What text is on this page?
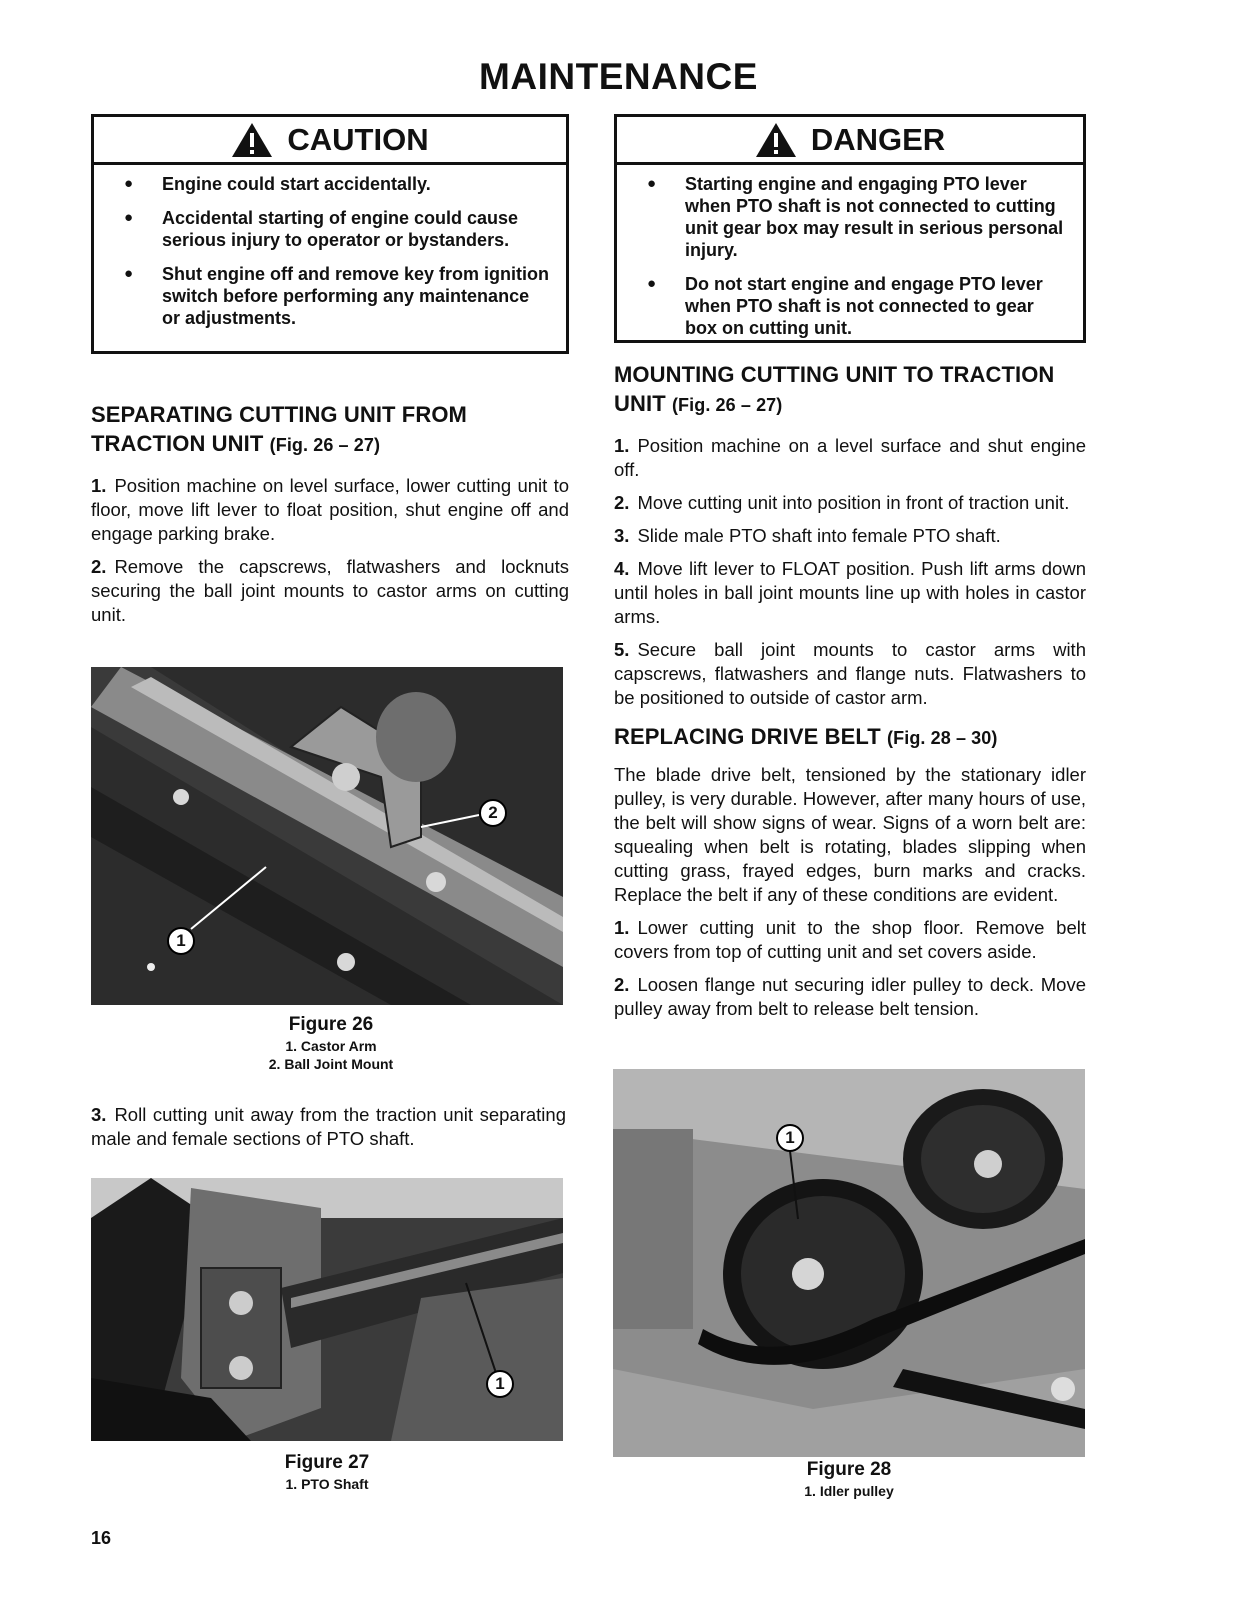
MAINTENANCE
CAUTION
● Engine could start accidentally.
● Accidental starting of engine could cause serious injury to operator or bystanders.
● Shut engine off and remove key from ignition switch before performing any maintenance or adjustments.
SEPARATING CUTTING UNIT FROM TRACTION UNIT (Fig. 26 – 27)

1. Position machine on level surface, lower cutting unit to floor, move lift lever to float position, shut engine off and engage parking brake.

2. Remove the capscrews, flatwashers and locknuts securing the ball joint mounts to castor arms on cutting unit.

2
1
Figure 26
1. Castor Arm
2. Ball Joint Mount

3. Roll cutting unit away from the traction unit separating male and female sections of PTO shaft.

1
Figure 27
1. PTO Shaft
DANGER
● Starting engine and engaging PTO lever when PTO shaft is not connected to cutting unit gear box may result in serious personal injury.
● Do not start engine and engage PTO lever when PTO shaft is not connected to gear box on cutting unit.
MOUNTING CUTTING UNIT TO TRACTION UNIT (Fig. 26 – 27)

1. Position machine on a level surface and shut engine off.

2. Move cutting unit into position in front of traction unit.

3. Slide male PTO shaft into female PTO shaft.

4. Move lift lever to FLOAT position. Push lift arms down until holes in ball joint mounts line up with holes in castor arms.

5. Secure ball joint mounts to castor arms with capscrews, flatwashers and flange nuts. Flatwashers to be positioned to outside of castor arm.

REPLACING DRIVE BELT (Fig. 28 – 30)

The blade drive belt, tensioned by the stationary idler pulley, is very durable. However, after many hours of use, the belt will show signs of wear. Signs of a worn belt are: squealing when belt is rotating, blades slipping when cutting grass, frayed edges, burn marks and cracks. Replace the belt if any of these conditions are evident.

1. Lower cutting unit to the shop floor. Remove belt covers from top of cutting unit and set covers aside.

2. Loosen flange nut securing idler pulley to deck. Move pulley away from belt to release belt tension.

1
Figure 28
1. Idler pulley
16
